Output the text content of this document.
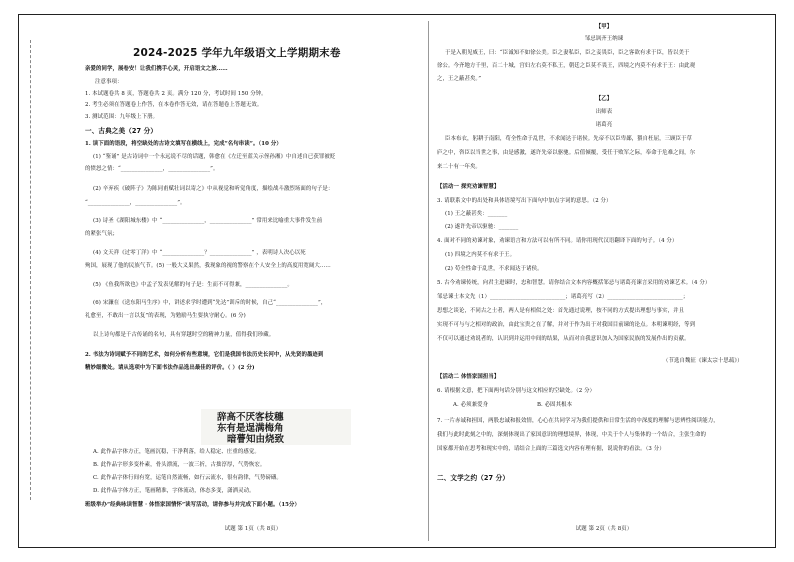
2024-2025 学年九年级语文上学期期末卷
亲爱的同学，展卷安！让我们携手心灵，开启语文之旅……
注意事项：
1. 本试题卷共 8 页，答题卷共 2 页。满分 120 分，考试时间 150 分钟。
2. 考生必须在答题卷上作答，在本卷作答无效，请在答题卷上答题无效。
3. 测试范围：九年级上下册。
一、古典之美（27 分）
1. 读下面的语段，将空缺处的古诗文填写在横线上，完成“名句串读”。（10 分）
(1) “鉴诵” 是古诗词中一个永远说不尽的话题，韩愈在《左迁至蓝关示侄孙湘》中自述自已获罪被贬
的愤怒之情：“_______________，_______________”。
(2) 辛弃疾《破阵子》为陈同甫赋壮词以寄之》中从视觉和听觉角度，描绘战斗激烈场面的句子是：
“_______________，_______________”。
(3) 诗圣《湖阳城东楼》中 “_______________，_______________” 常用来比喻重大事件发生前
的紧张气氛；
(4) 文天祥《过零丁洋》中 “_______________？_______________” ，表明诗人决心以死
殉国，展现了他的民族气节。(5) 一般大义果然，我现象的视的警察在个人安全上的高度用宽阔大……
(5) 《鱼我所欲也》中孟子发表见解的句子是：生而不可得兼，_______________。
(6) 宋濂在《送东阳马生序》中，讲述求学时遭到“先达”训斥的时候，自己“_______________”，
礼愈至，不敢出一言以复”的表现，为勉励马生要执守耐心。(6 分)
以上诗句都是千古传诵的名句，具有穿越时空的精神力量，值得我们珍藏。
2. 书法为诗词赋予不同的艺术，如何分析有些意境，它们是我国书法历史长河中，从先贤的墨迹到
精妙细微处。请从选项中为下面书法作品选出最佳的评价。（ ）(2 分)
A. 此作品字体方正，笔画沉稳，干净利落，给人稳定、庄重的感觉。
B. 此作品字形多变朴素，骨头漂流，一波三折，古拙淳厚，气势恢宏。
C. 此作品字体行间有宽，运笔自然流畅，如行云流水，很有韵律，气势磅礴。
D. 此作品字体方正，笔画精准，字体流动，体态多变，潇洒灵动。
班级举办“经典咏读智慧 · 体悟家国情怀”读写活动，请你参与并完成下面小题。（15分）
试题 第 1页（共 8页）
辞高不厌客枝穗
东有是逞满梅角
暗瞢知由烧致
【甲】
邹忌讽齐王纳谏
于是入朝见威王，曰：“臣诚知不如徐公美。臣之妻私臣，臣之妾畏臣，臣之客欲有求于臣，皆以美于
徐公。今齐地方千里，百二十城，宫妇左右莫不私王，朝廷之臣莫不畏王，四境之内莫不有求于王：由此观
之，王之蔽甚矣。”
【乙】
出师表
诸葛亮
臣本布衣，躬耕于南阳，苟全性命于乱世，不求闻达于诸侯。先帝不以臣卑鄙，猥自枉屈，三顾臣于草
庐之中，咨臣以当世之事，由是感激，遂许先帝以驱驰。后值倾覆，受任于败军之际，奉命于危难之间，尔
来二十有一年矣。
【活动一 探究劝谏智慧】
3. 请联系文中的出处和具体语境写出下面句中加点字词的意思。（2 分）
(1) 王之蔽甚矣：_______
(2) 遂许先帝以驱驰：_______
4. 面对不同的劝谏对象，劝谏语言和方法可以有所不同。请你用现代汉语翻译下面的句子。（4 分）
(1) 四境之内莫不有求于王。
(2) 苟全性命于乱世，不求闻达于诸侯。
5. 古今劝谏传统，向君主进谏时，忠和智慧。请你结合文本内容概括邹忌与诸葛亮谏言采用的劝谏艺术。（4 分）
邹忌谏士本文先（1）___________________________；诸葛亮写（2）___________________________；
思想之谈论，不同古之士者，两人是有相似之处：首先通过说理，按不同的方式提出理想与事实，并且
实现不可与与之相对的政治，由此宝贵之在了解，并对于作为出于对我国目前谏的论点。本明谏明经，等到
不仅可以通过劝说者的，认识到并运用中间的结果，从而对自我意识加入为国家民族的发展作出的贡献。
（节选自魏征《谏太宗十思疏》）
【活动二 体悟家国担当】
6. 请根据文意，把下面两句话分别与这文相应的空缺处。（2 分）
A. 必须兼爱身	B. 必固其根本
7. 一片赤诚和担国，两股忠诚和报效情，心心在共同学习为我们提供和日常生活的中深度的理解与思辨性阅读能力，
我们与此时此刻之中的，深刻体现出了家国意识的理想境界，体现，中关于个人与集体的一个结合，主张生命的
国家都开始在思考和现实中的，请结合上面的三篇选文内容有理有据，说说你的看法。（3 分）
二、文学之约（27 分）
试题 第 2页（共 8页）
